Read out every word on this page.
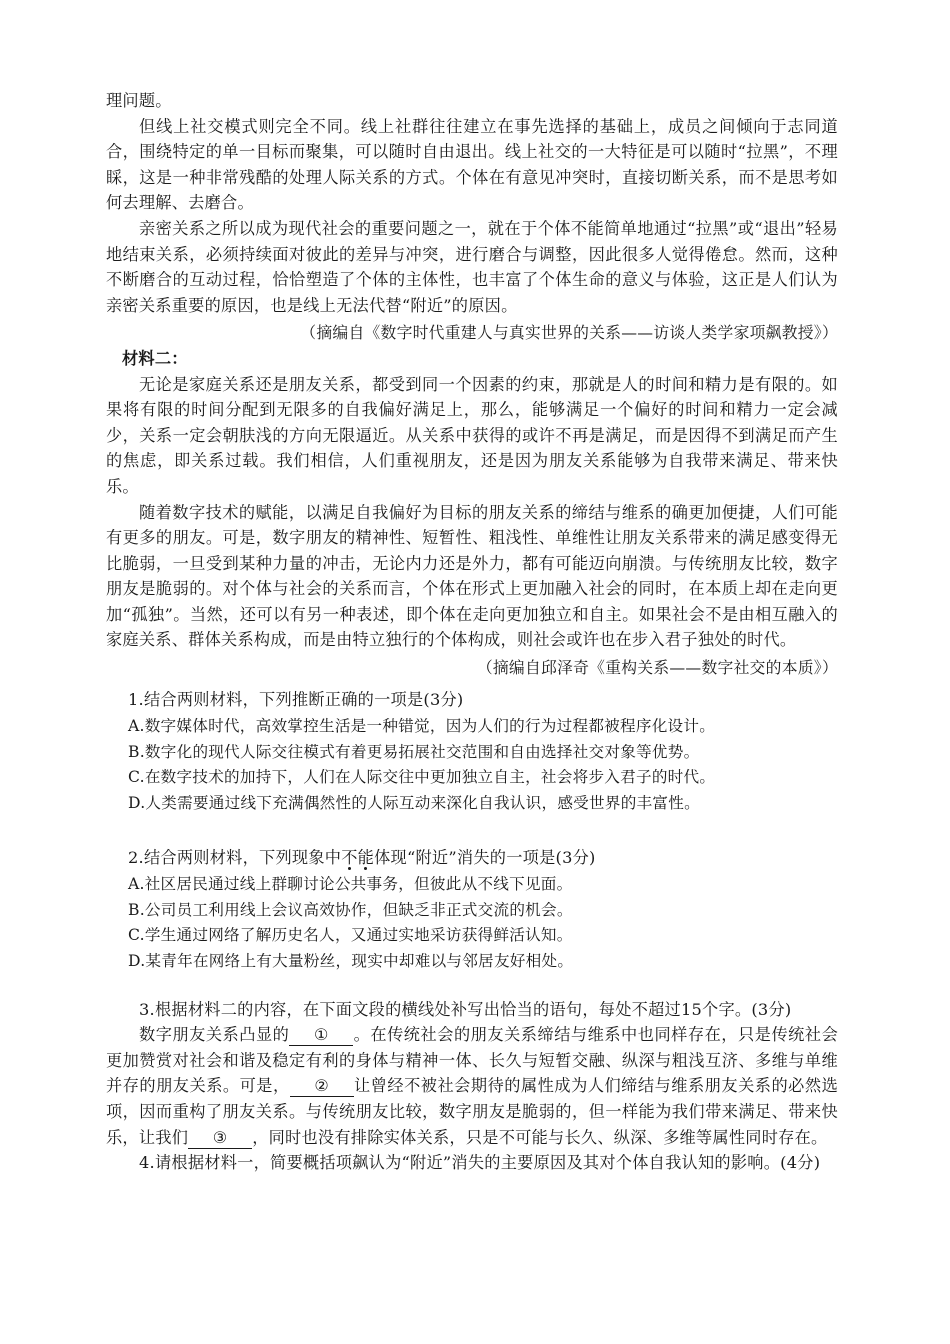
理问题。

但线上社交模式则完全不同。线上社群往往建立在事先选择的基础上，成员之间倾向于志同道合，围绕特定的单一目标而聚集，可以随时自由退出。线上社交的一大特征是可以随时“拉黑”，不理睬，这是一种非常残酷的处理人际关系的方式。个体在有意见冲突时，直接切断关系，而不是思考如何去理解、去磨合。

亲密关系之所以成为现代社会的重要问题之一，就在于个体不能简单地通过“拉黑”或“退出”轻易地结束关系，必须持续面对彼此的差异与冲突，进行磨合与调整，因此很多人觉得倦怠。然而，这种不断磨合的互动过程，恰恰塑造了个体的主体性，也丰富了个体生命的意义与体验，这正是人们认为亲密关系重要的原因，也是线上无法代替“附近”的原因。

（摘编自《数字时代重建人与真实世界的关系——访谈人类学家项飙教授》）

材料二：

无论是家庭关系还是朋友关系，都受到同一个因素的约束，那就是人的时间和精力是有限的。如果将有限的时间分配到无限多的自我偏好满足上，那么，能够满足一个偏好的时间和精力一定会减少，关系一定会朝肤浅的方向无限逼近。从关系中获得的或许不再是满足，而是因得不到满足而产生的焦虑，即关系过载。我们相信，人们重视朋友，还是因为朋友关系能够为自我带来满足、带来快乐。

随着数字技术的赋能，以满足自我偏好为目标的朋友关系的缔结与维系的确更加便捷，人们可能有更多的朋友。可是，数字朋友的精神性、短暂性、粗浅性、单维性让朋友关系带来的满足感变得无比脆弱，一旦受到某种力量的冲击，无论内力还是外力，都有可能迈向崩溃。与传统朋友比较，数字朋友是脆弱的。对个体与社会的关系而言，个体在形式上更加融入社会的同时，在本质上却在走向更加“孤独”。当然，还可以有另一种表述，即个体在走向更加独立和自主。如果社会不是由相互融入的家庭关系、群体关系构成，而是由特立独行的个体构成，则社会或许也在步入君子独处的时代。

（摘编自邱泽奇《重构关系——数字社交的本质》）

1.结合两则材料，下列推断正确的一项是(3分)

A.数字媒体时代，高效掌控生活是一种错觉，因为人们的行为过程都被程序化设计。

B.数字化的现代人际交往模式有着更易拓展社交范围和自由选择社交对象等优势。

C.在数字技术的加持下，人们在人际交往中更加独立自主，社会将步入君子的时代。

D.人类需要通过线下充满偶然性的人际互动来深化自我认识，感受世界的丰富性。

2.结合两则材料，下列现象中不能体现“附近”消失的一项是(3分)

A.社区居民通过线上群聊讨论公共事务，但彼此从不线下见面。

B.公司员工利用线上会议高效协作，但缺乏非正式交流的机会。

C.学生通过网络了解历史名人，又通过实地采访获得鲜活认知。

D.某青年在网络上有大量粉丝，现实中却难以与邻居友好相处。

3.根据材料二的内容，在下面文段的横线处补写出恰当的语句，每处不超过15个字。(3分)

数字朋友关系凸显的 ① 。在传统社会的朋友关系缔结与维系中也同样存在，只是传统社会更加赞赏对社会和谐及稳定有利的身体与精神一体、长久与短暂交融、纵深与粗浅互济、多维与单维并存的朋友关系。可是， ② 让曾经不被社会期待的属性成为人们缔结与维系朋友关系的必然选项，因而重构了朋友关系。与传统朋友比较，数字朋友是脆弱的，但一样能为我们带来满足、带来快乐，让我们 ③ ，同时也没有排除实体关系，只是不可能与长久、纵深、多维等属性同时存在。

4.请根据材料一，简要概括项飙认为“附近”消失的主要原因及其对个体自我认知的影响。(4分)
